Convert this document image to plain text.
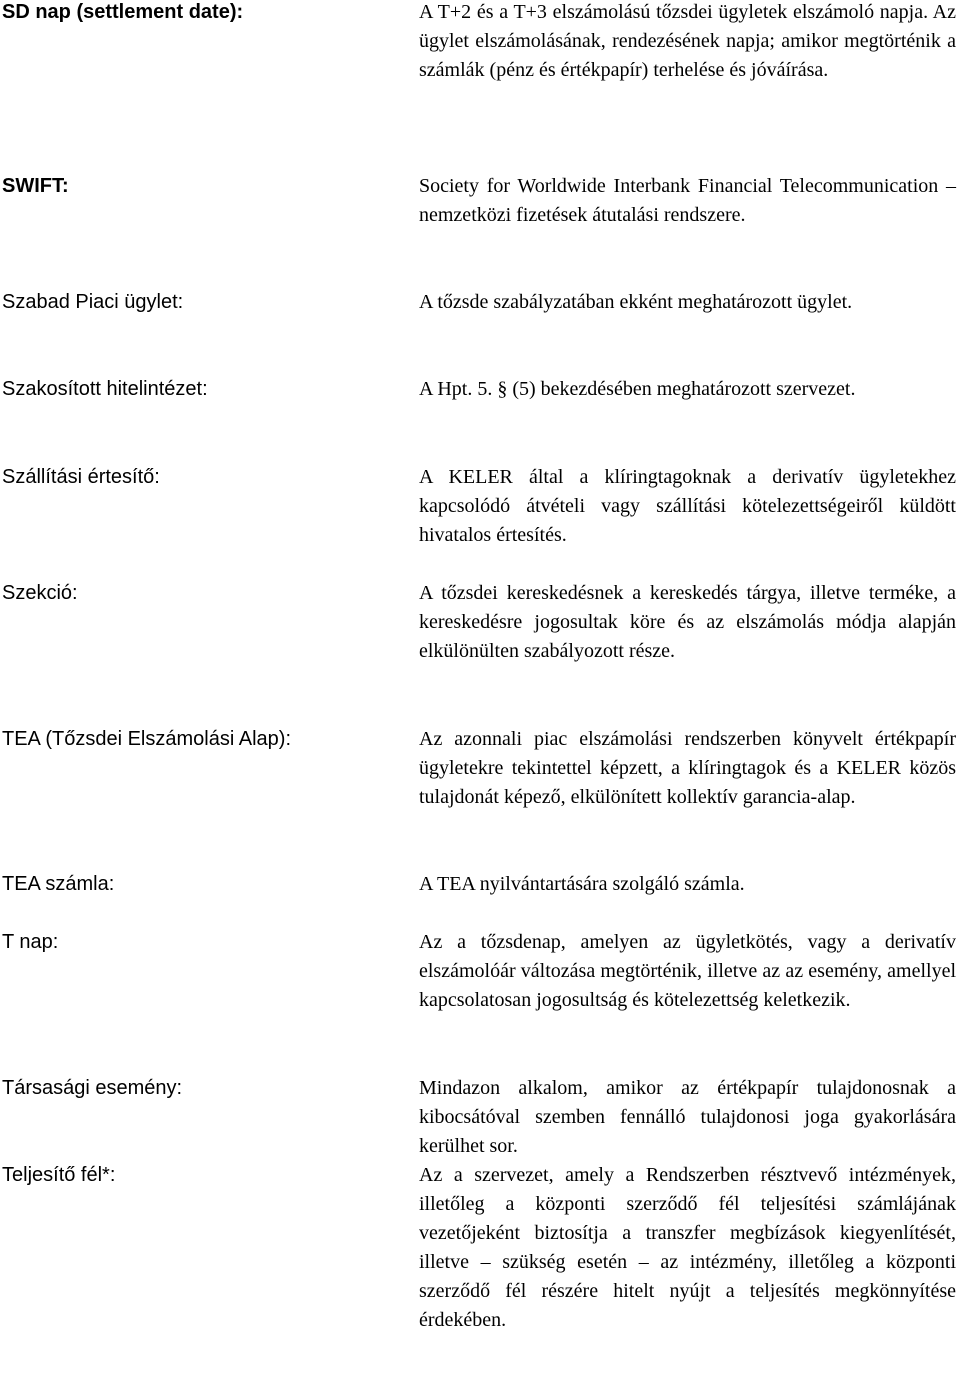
SD nap (settlement date):	A T+2 és a T+3 elszámolású tőzsdei ügyletek elszámoló napja. Az ügylet elszámolásának, rendezésének napja; amikor megtörténik a számlák (pénz és értékpapír) terhelése és jóváírása.
SWIFT:	Society for Worldwide Interbank Financial Telecommunication – nemzetközi fizetések átutalási rendszere.
Szabad Piaci ügylet:	A tőzsde szabályzatában ekként meghatározott ügylet.
Szakosított hitelintézet:	A Hpt. 5. § (5) bekezdésében meghatározott szervezet.
Szállítási értesítő:	A KELER által a klíringtagoknak a derivatív ügyletekhez kapcsolódó átvételi vagy szállítási kötelezettségeiről küldött hivatalos értesítés.
Szekció:	A tőzsdei kereskedésnek a kereskedés tárgya, illetve terméke, a kereskedésre jogosultak köre és az elszámolás módja alapján elkülönülten szabályozott része.
TEA (Tőzsdei Elszámolási Alap):	Az azonnali piac elszámolási rendszerben könyvelt értékpapír ügyletekre tekintettel képzett, a klíringtagok és a KELER közös tulajdonát képező, elkülönített kollektív garancia-alap.
TEA számla:	A TEA nyilvántartására szolgáló számla.
T nap:	Az a tőzsdenap, amelyen az ügyletkötés, vagy a derivatív elszámolóár változása megtörténik, illetve az az esemény, amellyel kapcsolatosan jogosultság és kötelezettség keletkezik.
Társasági esemény:	Mindazon alkalom, amikor az értékpapír tulajdonosnak a kibocsátóval szemben fennálló tulajdonosi joga gyakorlására kerülhet sor.
Teljesítő fél*:	Az a szervezet, amely a Rendszerben résztvevő intézmények, illetőleg a központi szerződő fél teljesítési számlájának vezetőjeként biztosítja a transzfer megbízások kiegyenlítését, illetve – szükség esetén – az intézmény, illetőleg a központi szerződő fél részére hitelt nyújt a teljesítés megkönnyítése érdekében.
